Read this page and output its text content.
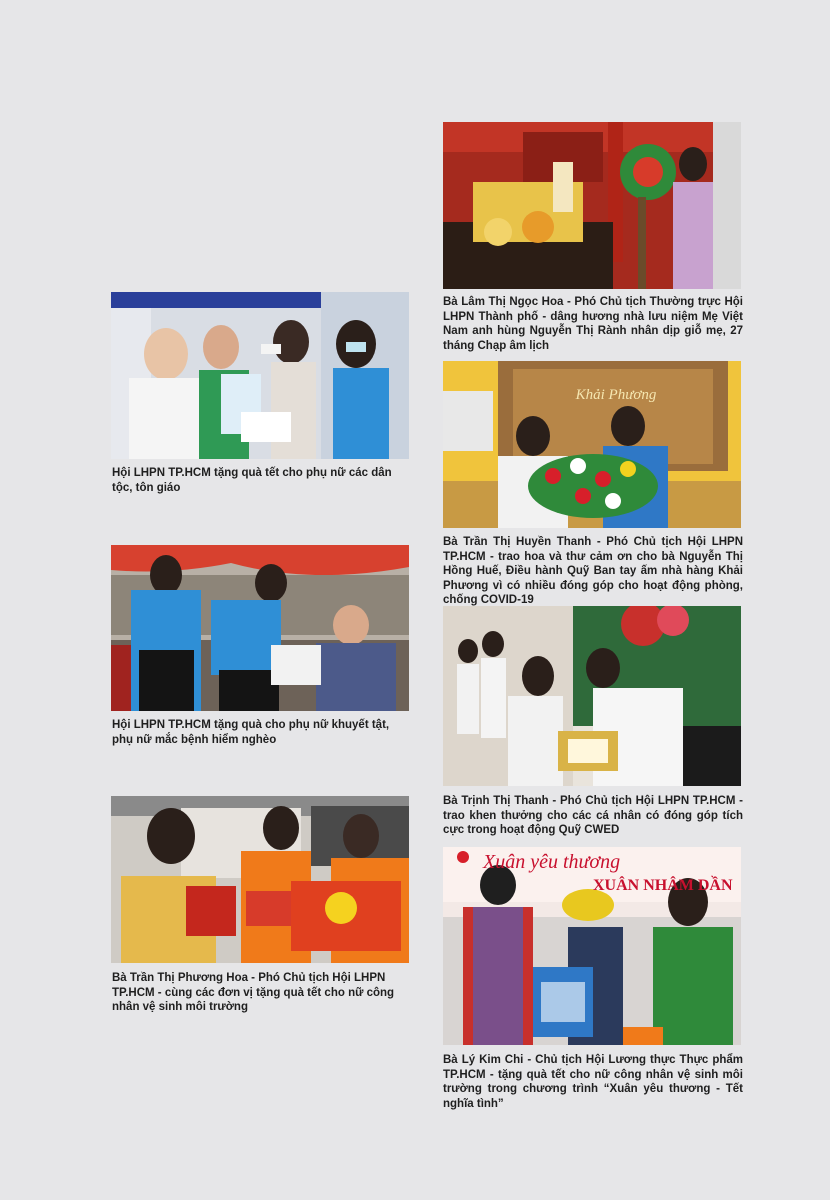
Hội LHPN TP.HCM tặng quà tết cho phụ nữ các dân tộc, tôn giáo
Hội LHPN TP.HCM tặng quà cho phụ nữ khuyết tật, phụ nữ mắc bệnh hiểm nghèo
Bà Trần Thị Phương Hoa - Phó Chủ tịch Hội LHPN TP.HCM - cùng các đơn vị tặng quà tết cho nữ công nhân vệ sinh môi trường
Bà Lâm Thị Ngọc Hoa - Phó Chủ tịch Thường trực Hội LHPN Thành phố - dâng hương nhà lưu niệm Mẹ Việt Nam anh hùng Nguyễn Thị Rành nhân dịp giỗ mẹ, 27 tháng Chạp âm lịch
Khải Phương
Bà Trần Thị Huyền Thanh - Phó Chủ tịch Hội LHPN TP.HCM - trao hoa và thư cảm ơn cho bà Nguyễn Thị Hồng Huế, Điều hành Quỹ Ban tay ấm nhà hàng Khải Phương vì có nhiều đóng góp cho hoạt động phòng, chống COVID-19
Bà Trịnh Thị Thanh - Phó Chủ tịch Hội LHPN TP.HCM - trao khen thưởng cho các cá nhân có đóng góp tích cực trong hoạt động Quỹ CWED
Xuân yêu thương
XUÂN NHÂM DẦN
Bà Lý Kim Chi - Chủ tịch Hội Lương thực Thực phẩm TP.HCM - tặng quà tết cho nữ công nhân vệ sinh môi trường trong chương trình “Xuân yêu thương - Tết nghĩa tình”
